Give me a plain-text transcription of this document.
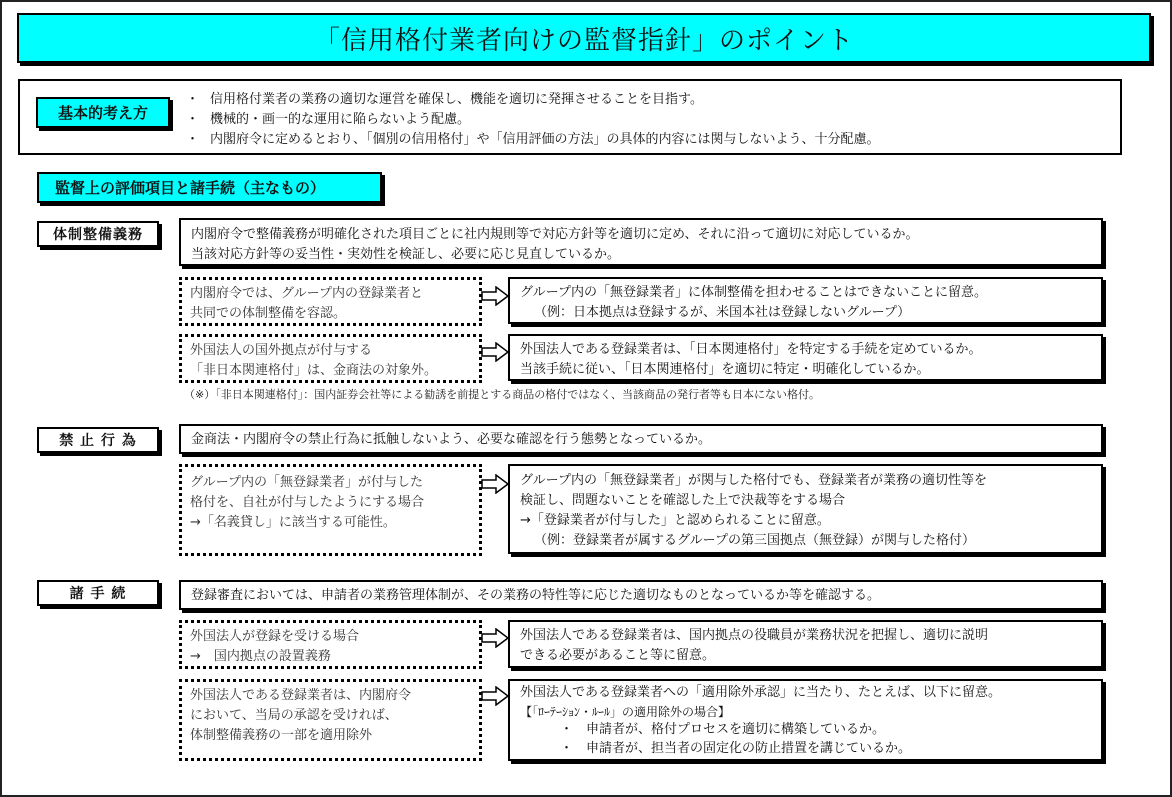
「信用格付業者向けの監督指針」のポイント
基本的考え方
・ 信用格付業者の業務の適切な運営を確保し、機能を適切に発揮させることを目指す。
・ 機械的・画一的な運用に陥らないよう配慮。
・ 内閣府令に定めるとおり、「個別の信用格付」や「信用評価の方法」の具体的内容には関与しないよう、十分配慮。
監督上の評価項目と諸手続（主なもの）
体制整備義務	内閣府令で整備義務が明確化された項目ごとに社内規則等で対応方針等を適切に定め、それに沿って適切に対応しているか。
当該対応方針等の妥当性・実効性を検証し、必要に応じ見直しているか。
内閣府令では、グループ内の登録業者と
共同での体制整備を容認。
グループ内の「無登録業者」に体制整備を担わせることはできないことに留意。
（例：日本拠点は登録するが、米国本社は登録しないグループ）
外国法人の国外拠点が付与する
「非日本関連格付」は、金商法の対象外。
外国法人である登録業者は、「日本関連格付」を特定する手続を定めているか。
当該手続に従い、「日本関連格付」を適切に特定・明確化しているか。
（※）「非日本関連格付」：国内証券会社等による勧誘を前提とする商品の格付ではなく、当該商品の発行者等も日本にない格付。
禁 止 行 為	金商法・内閣府令の禁止行為に抵触しないよう、必要な確認を行う態勢となっているか。
グループ内の「無登録業者」が付与した
格付を、自社が付与したようにする場合
→「名義貸し」に該当する可能性。
グループ内の「無登録業者」が関与した格付でも、登録業者が業務の適切性等を
検証し、問題ないことを確認した上で決裁等をする場合
→「登録業者が付与した」と認められることに留意。
（例：登録業者が属するグループの第三国拠点（無登録）が関与した格付）
諸 手 続	登録審査においては、申請者の業務管理体制が、その業務の特性等に応じた適切なものとなっているか等を確認する。
外国法人が登録を受ける場合
→　国内拠点の設置義務
外国法人である登録業者は、国内拠点の役職員が業務状況を把握し、適切に説明
できる必要があること等に留意。
外国法人である登録業者は、内閣府令
において、当局の承認を受ければ、
体制整備義務の一部を適用除外
外国法人である登録業者への「適用除外承認」に当たり、たとえば、以下に留意。
【「ﾛｰﾃｰｼｮﾝ・ﾙｰﾙ」の適用除外の場合】
・ 申請者が、格付プロセスを適切に構築しているか。
・ 申請者が、担当者の固定化の防止措置を講じているか。
